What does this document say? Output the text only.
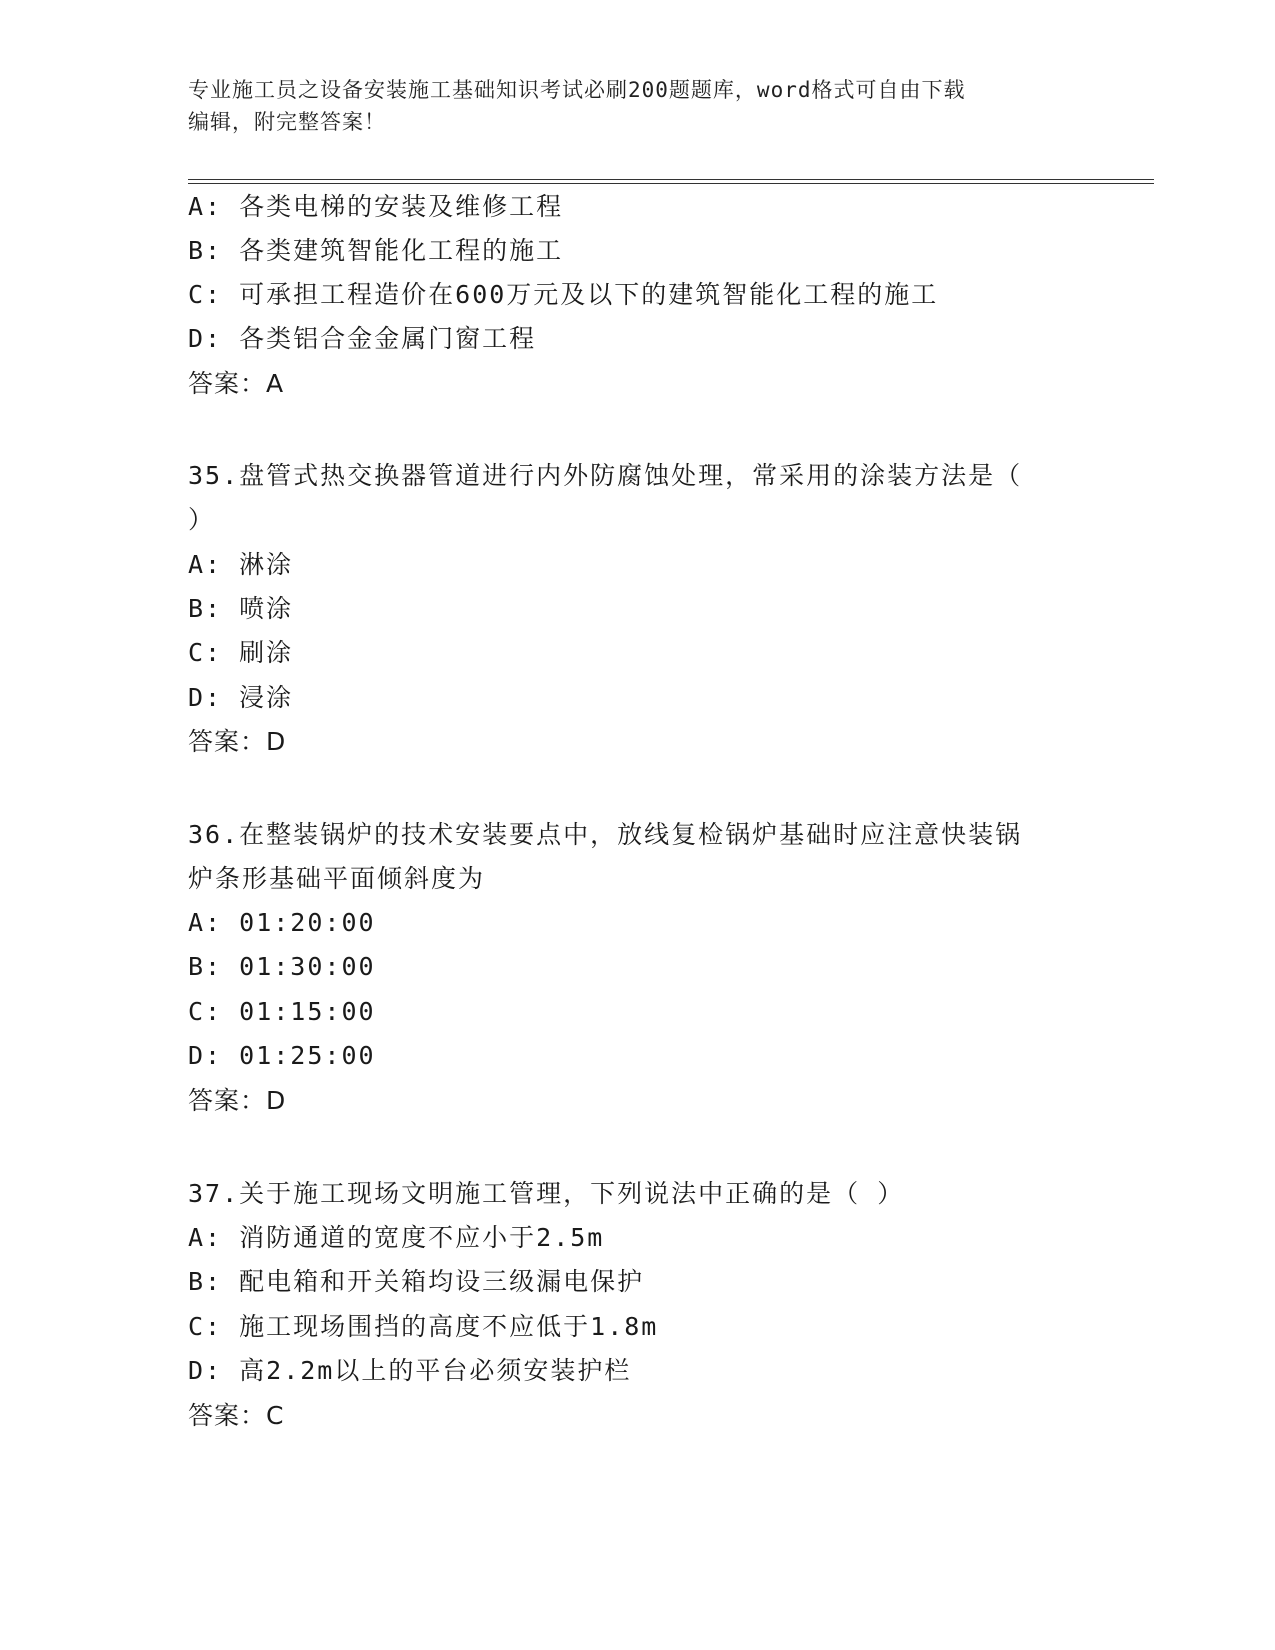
专业施工员之设备安装施工基础知识考试必刷200题题库，word格式可自由下载
编辑，附完整答案！
A: 各类电梯的安装及维修工程
B: 各类建筑智能化工程的施工
C: 可承担工程造价在600万元及以下的建筑智能化工程的施工
D: 各类铝合金金属门窗工程
答案：A
35.盘管式热交换器管道进行内外防腐蚀处理，常采用的涂装方法是（
）
A: 淋涂
B: 喷涂
C: 刷涂
D: 浸涂
答案：D
36.在整装锅炉的技术安装要点中，放线复检锅炉基础时应注意快装锅
炉条形基础平面倾斜度为
A: 01:20:00
B: 01:30:00
C: 01:15:00
D: 01:25:00
答案：D
37.关于施工现场文明施工管理，下列说法中正确的是（ ）
A: 消防通道的宽度不应小于2.5m
B: 配电箱和开关箱均设三级漏电保护
C: 施工现场围挡的高度不应低于1.8m
D: 高2.2m以上的平台必须安装护栏
答案：C
